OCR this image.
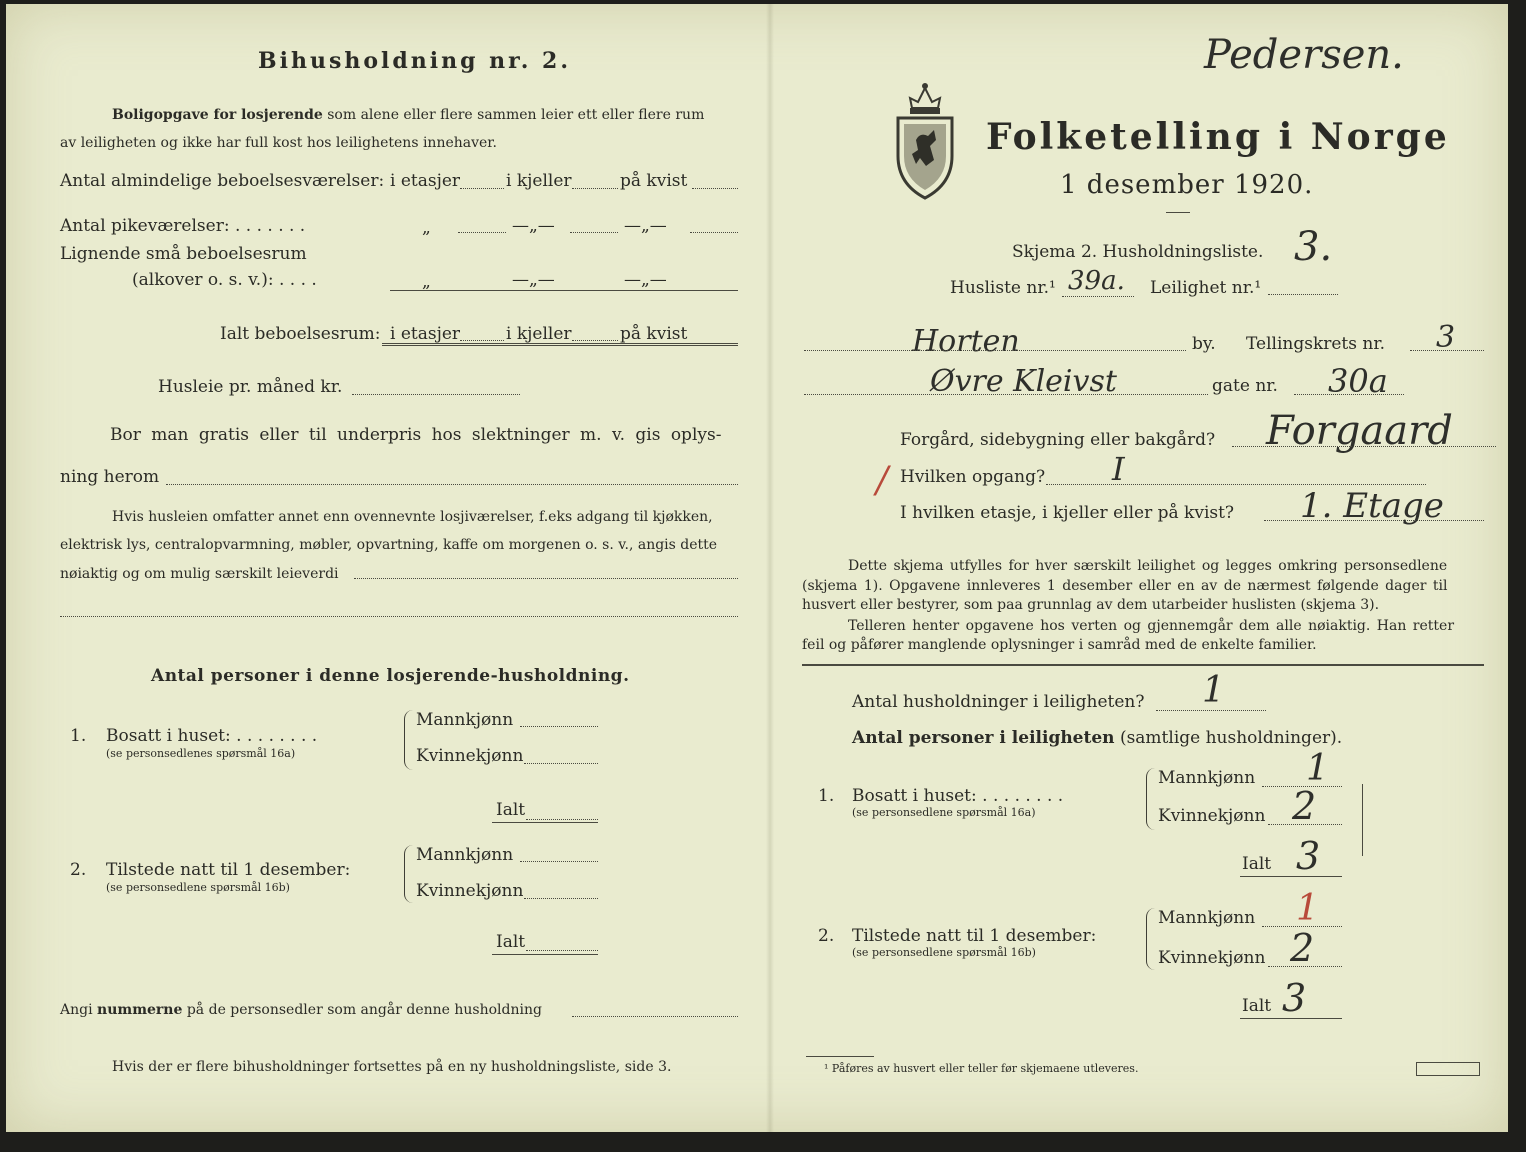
Bihusholdning nr. 2.
Boligopgave for losjerende som alene eller flere sammen leier ett eller flere rum
av leiligheten og ikke har full kost hos leilighetens innehaver.
Antal almindelige beboelsesværelser: i etasjer	i kjeller	på kvist
Antal pikeværelser: . . . . . . .	„	—„—	—„—
Lignende små beboelsesrum
(alkover o. s. v.): . . . .	„	—„—	—„—
Ialt beboelsesrum: i etasjer	i kjeller	på kvist
Husleie pr. måned kr.
Bor man gratis eller til underpris hos slektninger m. v. gis oplys-
ning herom
Hvis husleien omfatter annet enn ovennevnte losjiværelser, f.eks adgang til kjøkken,
elektrisk lys, centralopvarmning, møbler, opvartning, kaffe om morgenen o. s. v., angis dette
nøiaktig og om mulig særskilt leieverdi
Antal personer i denne losjerende-husholdning.
1. Bosatt i huset: . . . . . . . .
(se personsedlenes spørsmål 16a)
Mannkjønn
Kvinnekjønn
Ialt
2. Tilstede natt til 1 desember:
(se personsedlene spørsmål 16b)
Mannkjønn
Kvinnekjønn
Ialt
Angi nummerne på de personsedler som angår denne husholdning
Hvis der er flere bihusholdninger fortsettes på en ny husholdningsliste, side 3.
Pedersen.
Folketelling i Norge
1 desember 1920.
Skjema 2. Husholdningsliste. 3.
Husliste nr.¹ 39a. Leilighet nr.¹
Horten	by. Tellingskrets nr. 3
Øvre Kleivst	gate nr. 30a
Forgård, sidebygning eller bakgård? Forgaard
/ Hvilken opgang? I
I hvilken etasje, i kjeller eller på kvist? 1. Etage
Dette skjema utfylles for hver særskilt leilighet og legges omkring personsedlene
(skjema 1). Opgavene innleveres 1 desember eller en av de nærmest følgende dager til
husvert eller bestyrer, som paa grunnlag av dem utarbeider huslisten (skjema 3).
Telleren henter opgavene hos verten og gjennemgår dem alle nøiaktig. Han retter
feil og påfører manglende oplysninger i samråd med de enkelte familier.
Antal husholdninger i leiligheten? 1
Antal personer i leiligheten (samtlige husholdninger).
1. Bosatt i huset: . . . . . . . .
(se personsedlene spørsmål 16a)
Mannkjønn 1
Kvinnekjønn 2
Ialt 3
2. Tilstede natt til 1 desember:
(se personsedlene spørsmål 16b)
Mannkjønn 1
Kvinnekjønn 2
Ialt 3
¹ Påføres av husvert eller teller før skjemaene utleveres.
